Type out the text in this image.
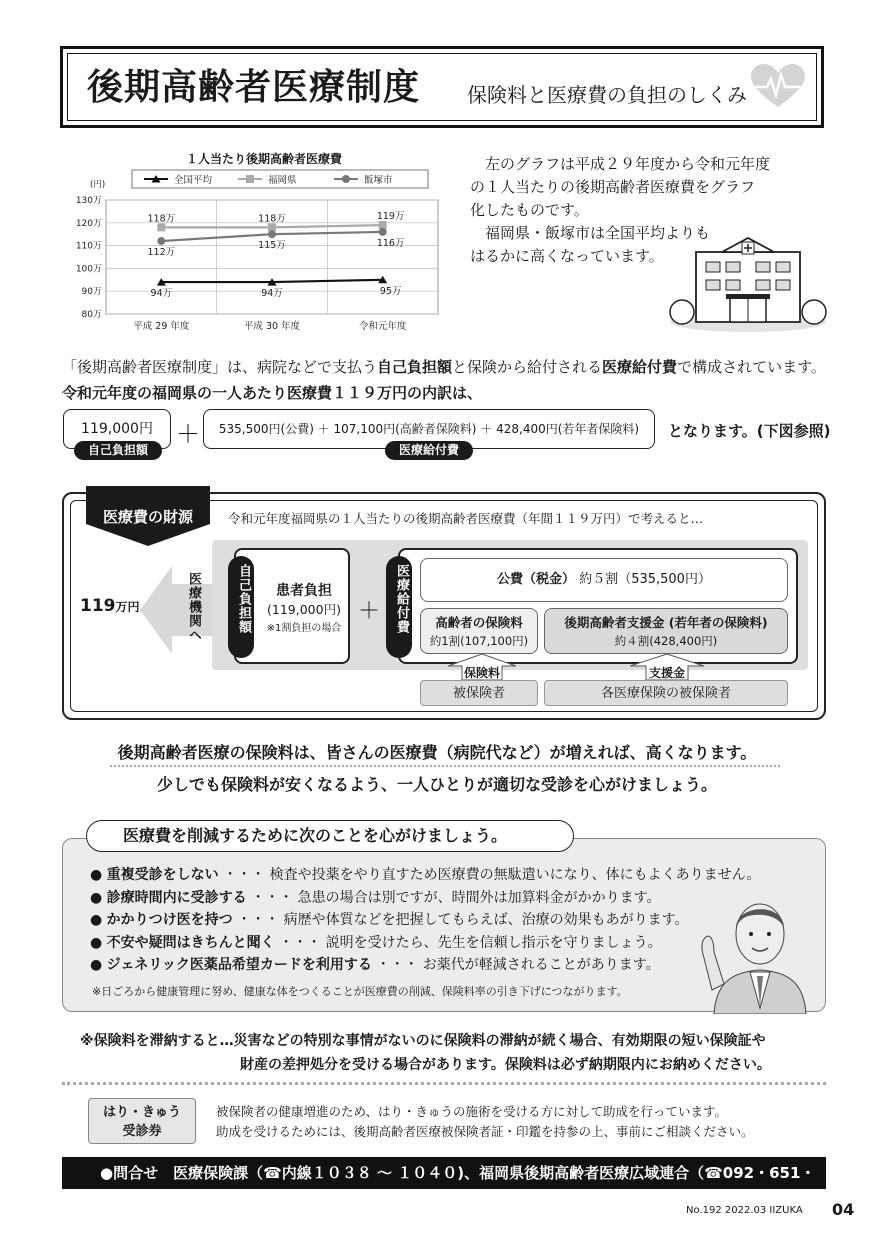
後期高齢者医療制度 保険料と医療費の負担のしくみ
１人当たり後期高齢者医療費
80万
90万
100万
110万
120万
130万
(円)
平成 29 年度	平成 30 年度	令和元年度
全国平均	福岡県	飯塚市
94万	94万	95万
118万	118万	119万
112万
115万	116万
左のグラフは平成２９年度から令和元年度
の１人当たりの後期高齢者医療費をグラフ
化したものです。
福岡県・飯塚市は全国平均よりも
はるかに高くなっています。
「後期高齢者医療制度」は、病院などで支払う自己負担額と保険から給付される医療給付費で構成されています。
令和元年度の福岡県の一人あたり医療費１１９万円の内訳は、
119,000円
自己負担額
＋	535,500円(公費) ＋ 107,100円(高齢者保険料) ＋ 428,400円(若年者保険料)
医療給付費
となります。(下図参照)
医療費の財源	令和元年度福岡県の１人当たりの後期高齢者医療費（年間１１９万円）で考えると…
119万円	医療機関へ	自己負担額	患者負担
(119,000円)
※1割負担の場合
＋ 医療給付費	公費（税金） 約５割（535,500円）
高齢者の保険料
約1割(107,100円)
後期高齢者支援金 (若年者の保険料)
約４割(428,400円)
保険料	支援金
被保険者	各医療保険の被保険者
後期高齢者医療の保険料は、皆さんの医療費（病院代など）が増えれば、高くなります。
少しでも保険料が安くなるよう、一人ひとりが適切な受診を心がけましょう。
医療費を削減するために次のことを心がけましょう。
● 重複受診をしない ・・・ 検査や投薬をやり直すため医療費の無駄遣いになり、体にもよくありません。
● 診療時間内に受診する ・・・ 急患の場合は別ですが、時間外は加算料金がかかります。
● かかりつけ医を持つ ・・・ 病歴や体質などを把握してもらえば、治療の効果もあがります。
● 不安や疑問はきちんと聞く ・・・ 説明を受けたら、先生を信頼し指示を守りましょう。
● ジェネリック医薬品希望カードを利用する ・・・ お薬代が軽減されることがあります。
※日ごろから健康管理に努め、健康な体をつくることが医療費の削減、保険料率の引き下げにつながります。
※保険料を滞納すると…災害などの特別な事情がないのに保険料の滞納が続く場合、有効期限の短い保険証や
財産の差押処分を受ける場合があります。保険料は必ず納期限内にお納めください。
はり・きゅう
受診券
被保険者の健康増進のため、はり・きゅうの施術を受ける方に対して助成を行っています。
助成を受けるためには、後期高齢者医療被保険者証・印鑑を持参の上、事前にご相談ください。
●問合せ　医療保険課（☎内線１０３８ ～ １０４０)、福岡県後期高齢者医療広域連合（☎092・651・3111）	No.192 2022.03 IIZUKA 04
